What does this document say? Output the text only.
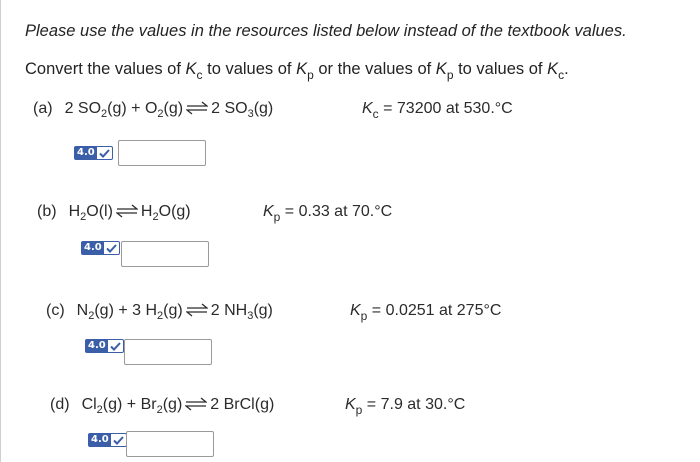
Please use the values in the resources listed below instead of the textbook values.
Convert the values of $K_c$ to values of $K_p$ or the values of $K_p$ to values of $K_c$.
(a) 2 $SO_2(g) + O_2(g)$ ⇌ 2 $SO_3(g)$	$K_c = 73200$ at 530.°C
4.0
(b) $H_2O(l)$ ⇌ $H_2O(g)$	$K_p = 0.33$ at 70.°C
4.0
(c) $N_2(g) + 3$ $H_2(g)$ ⇌ 2 $NH_3(g)$	$K_p = 0.0251$ at 275°C
4.0
(d) $Cl_2(g) + Br_2(g)$ ⇌ 2 BrCl(g)	$K_p = 7.9$ at 30.°C
4.0
